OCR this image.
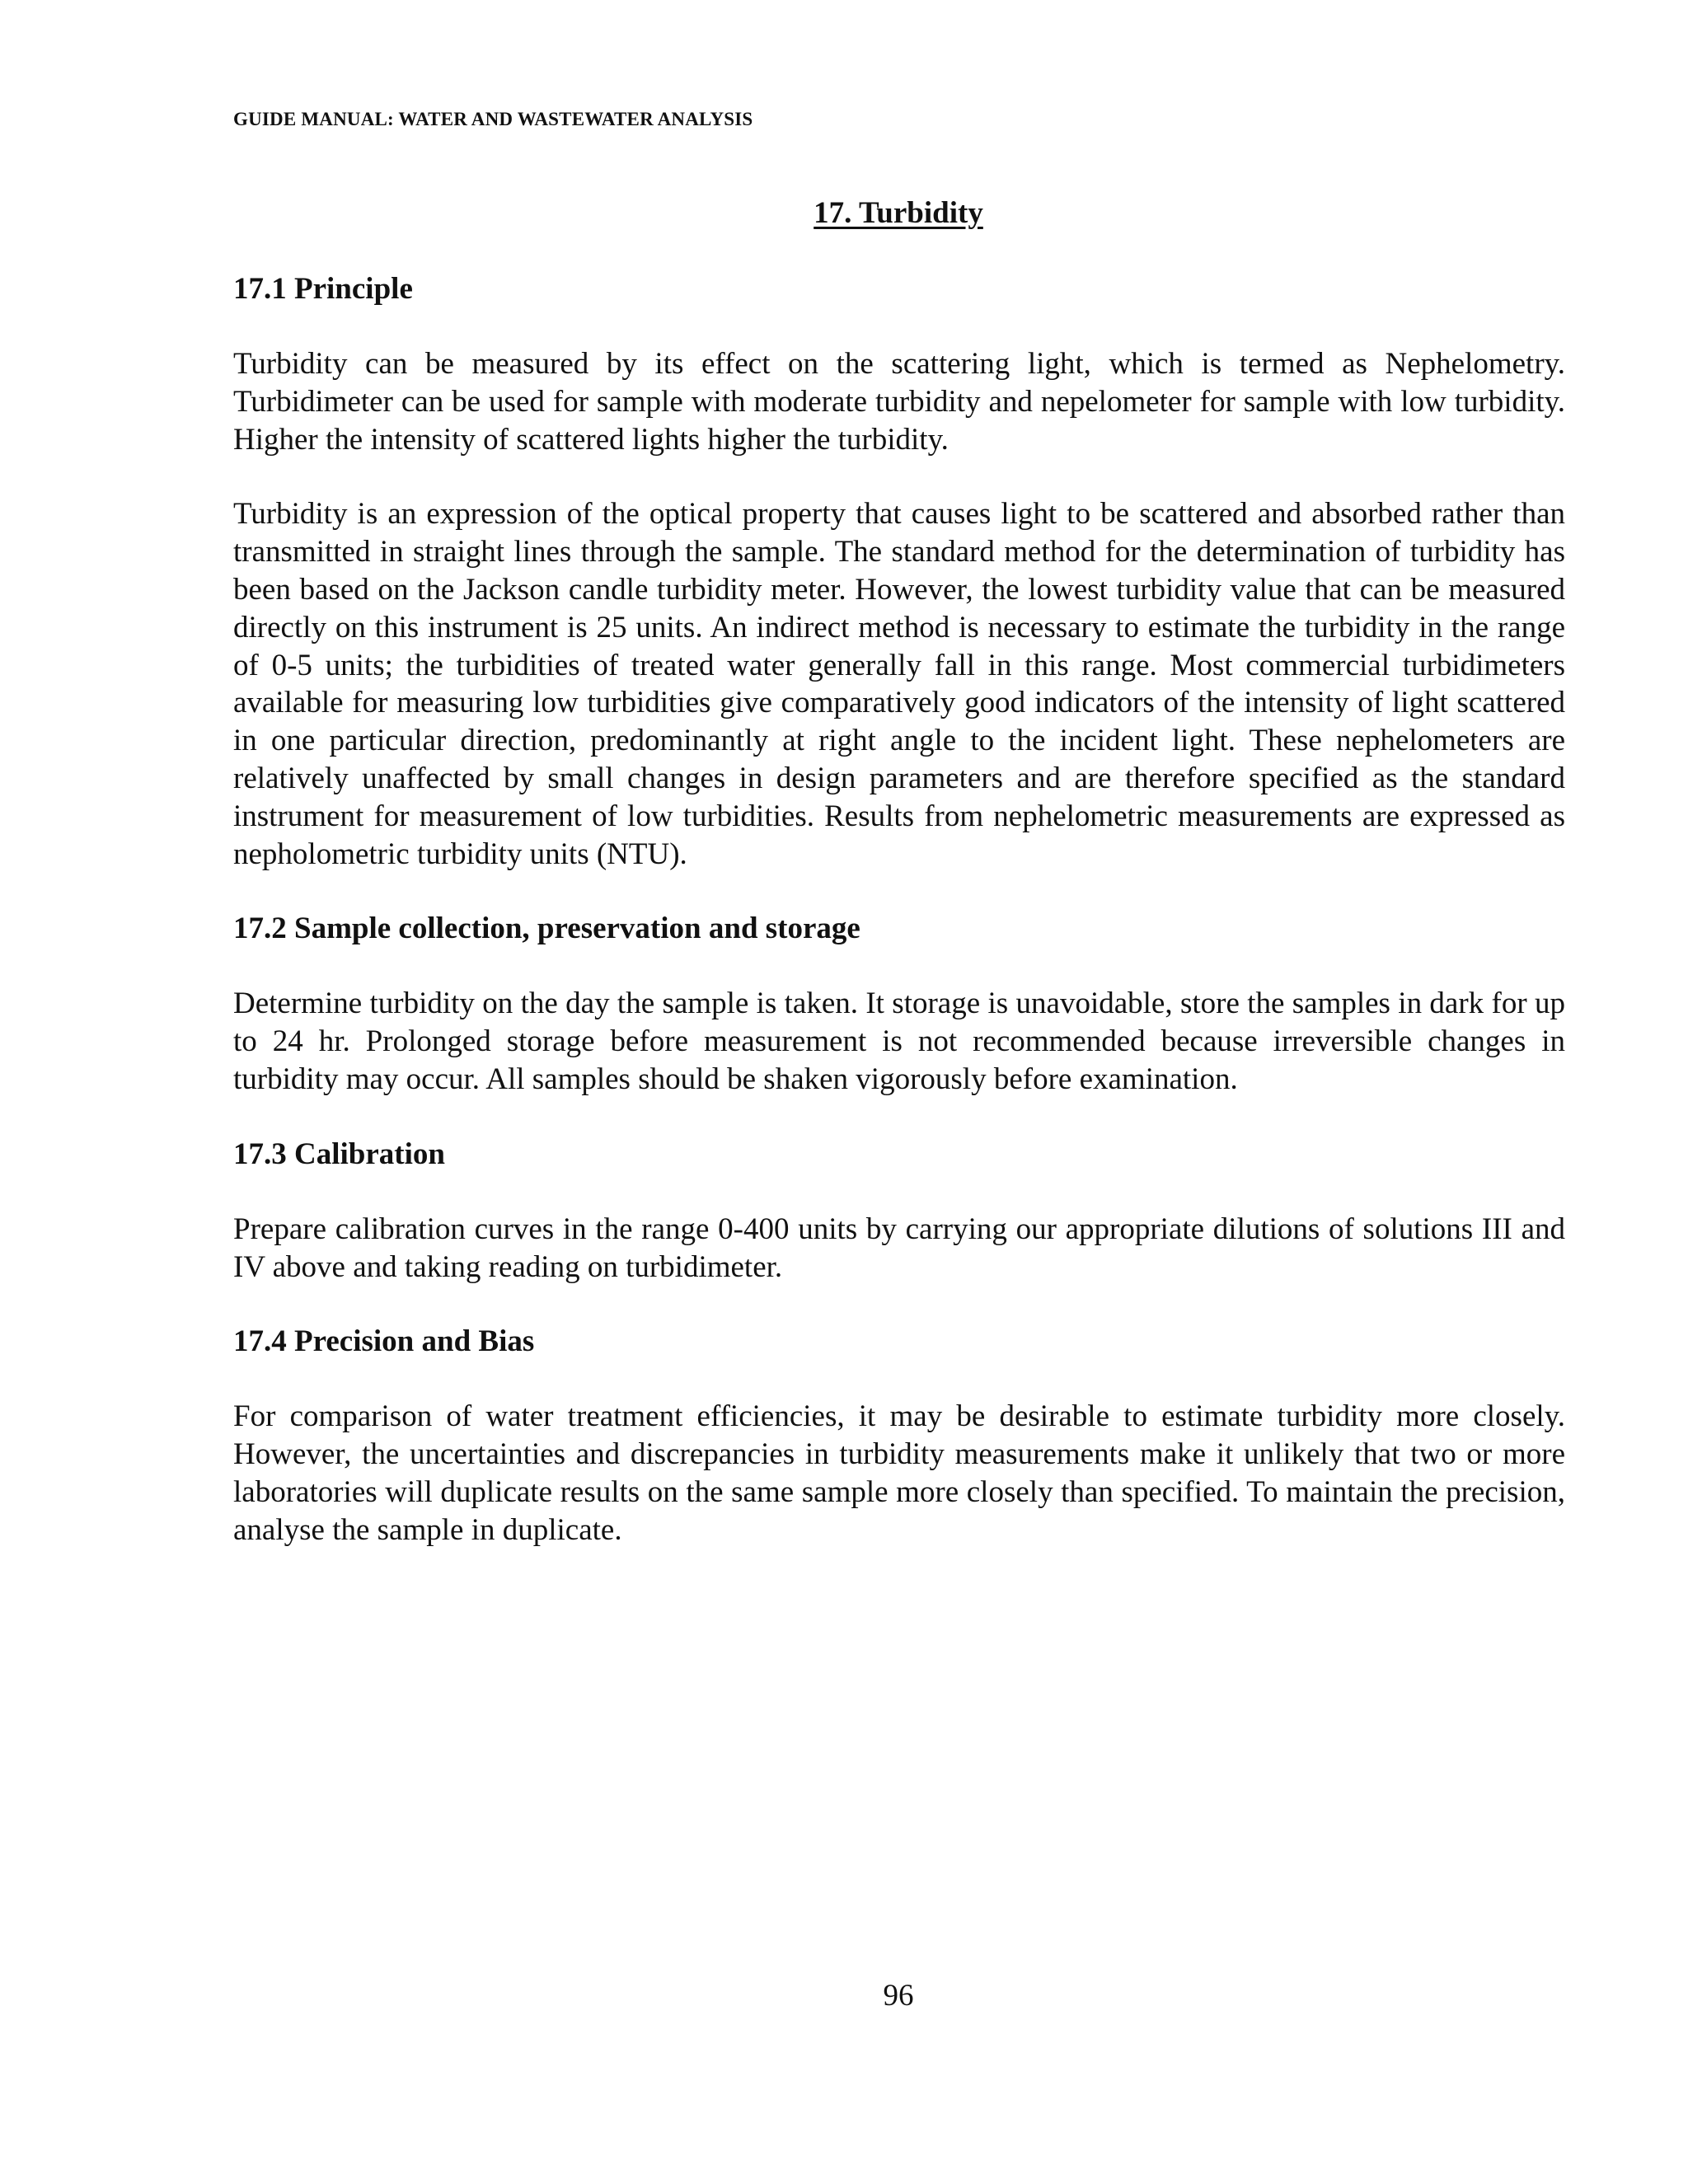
GUIDE MANUAL: WATER AND WASTEWATER ANALYSIS
17. Turbidity
17.1 Principle

Turbidity can be measured by its effect on the scattering light, which is termed as Nephelometry. Turbidimeter can be used for sample with moderate turbidity and nepelometer for sample with low turbidity. Higher the intensity of scattered lights higher the turbidity.

Turbidity is an expression of the optical property that causes light to be scattered and absorbed rather than transmitted in straight lines through the sample. The standard method for the determination of turbidity has been based on the Jackson candle turbidity meter. However, the lowest turbidity value that can be measured directly on this instrument is 25 units. An indirect method is necessary to estimate the turbidity in the range of 0-5 units; the turbidities of treated water generally fall in this range. Most commercial turbidimeters available for measuring low turbidities give comparatively good indicators of the intensity of light scattered in one particular direction, predominantly at right angle to the incident light. These nephelometers are relatively unaffected by small changes in design parameters and are therefore specified as the standard instrument for measurement of low turbidities. Results from nephelometric measurements are expressed as nepholometric turbidity units (NTU).

17.2 Sample collection, preservation and storage

Determine turbidity on the day the sample is taken. It storage is unavoidable, store the samples in dark for up to 24 hr. Prolonged storage before measurement is not recommended because irreversible changes in turbidity may occur. All samples should be shaken vigorously before examination.

17.3 Calibration

Prepare calibration curves in the range 0-400 units by carrying our appropriate dilutions of solutions III and IV above and taking reading on turbidimeter.

17.4 Precision and Bias

For comparison of water treatment efficiencies, it may be desirable to estimate turbidity more closely. However, the uncertainties and discrepancies in turbidity measurements make it unlikely that two or more laboratories will duplicate results on the same sample more closely than specified. To maintain the precision, analyse the sample in duplicate.

96
